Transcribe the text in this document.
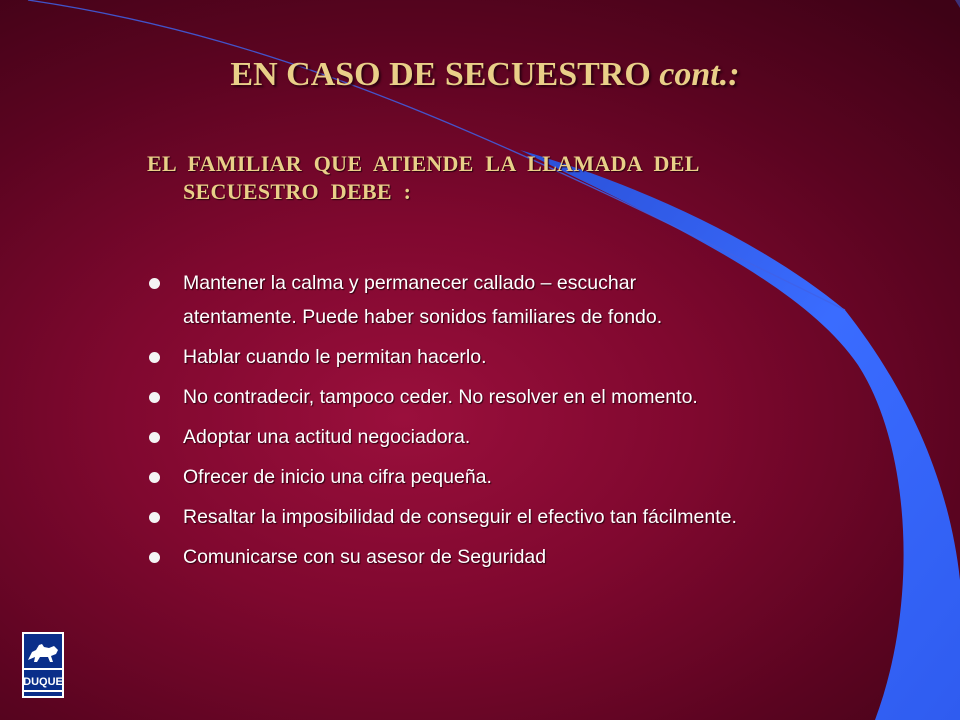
EN CASO DE SECUESTRO cont.:
EL FAMILIAR QUE ATIENDE LA LLAMADA DEL
SECUESTRO DEBE :
Mantener la calma y permanecer callado – escuchar
atentamente. Puede haber sonidos familiares de fondo.
Hablar cuando le permitan hacerlo.
No contradecir, tampoco ceder. No resolver en el momento.
Adoptar una actitud negociadora.
Ofrecer de inicio una cifra pequeña.
Resaltar la imposibilidad de conseguir el efectivo tan fácilmente.
Comunicarse con su asesor de Seguridad
DUQUE
